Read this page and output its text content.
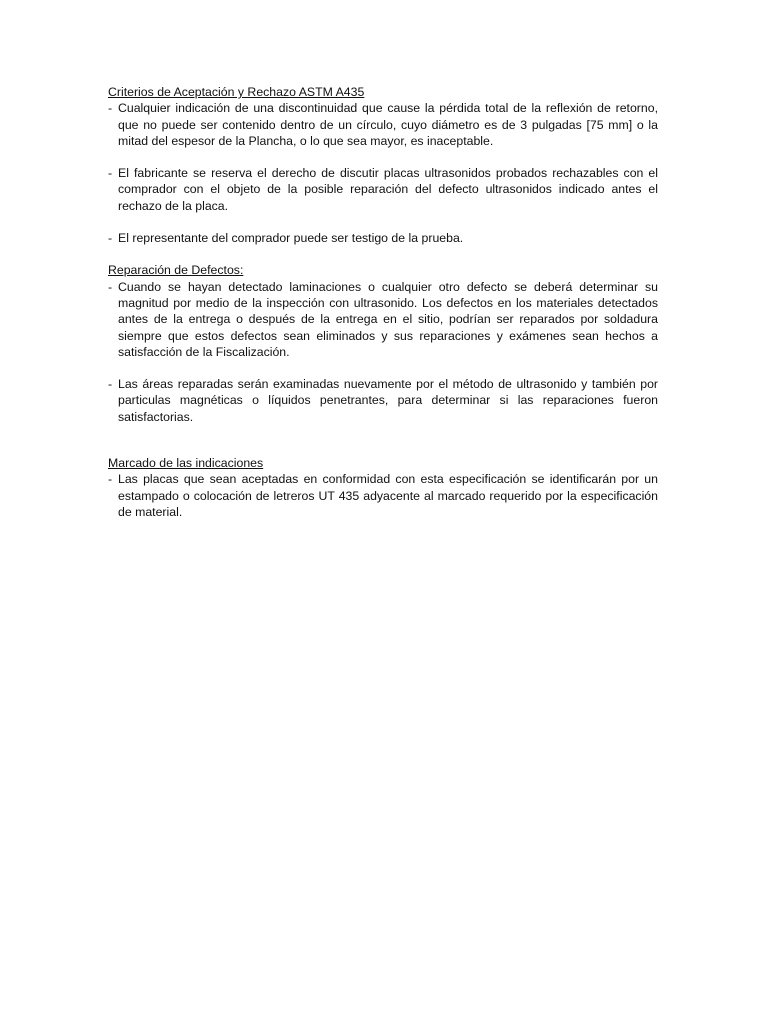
Criterios de Aceptación y Rechazo ASTM A435

- Cualquier indicación de una discontinuidad que cause la pérdida total de la reflexión de retorno, que no puede ser contenido dentro de un círculo, cuyo diámetro es de 3 pulgadas [75 mm] o la mitad del espesor de la Plancha, o lo que sea mayor, es inaceptable.

- El fabricante se reserva el derecho de discutir placas ultrasonidos probados rechazables con el comprador con el objeto de la posible reparación del defecto ultrasonidos indicado antes el rechazo de la placa.

- El representante del comprador puede ser testigo de la prueba.

Reparación de Defectos:

- Cuando se hayan detectado laminaciones o cualquier otro defecto se deberá determinar su magnitud por medio de la inspección con ultrasonido. Los defectos en los materiales detectados antes de la entrega o después de la entrega en el sitio, podrían ser reparados por soldadura siempre que estos defectos sean eliminados y sus reparaciones y exámenes sean hechos a satisfacción de la Fiscalización.

- Las áreas reparadas serán examinadas nuevamente por el método de ultrasonido y también por particulas magnéticas o líquidos penetrantes, para determinar si las reparaciones fueron satisfactorias.

Marcado de las indicaciones

- Las placas que sean aceptadas en conformidad con esta especificación se identificarán por un estampado o colocación de letreros UT 435 adyacente al marcado requerido por la especificación de material.
